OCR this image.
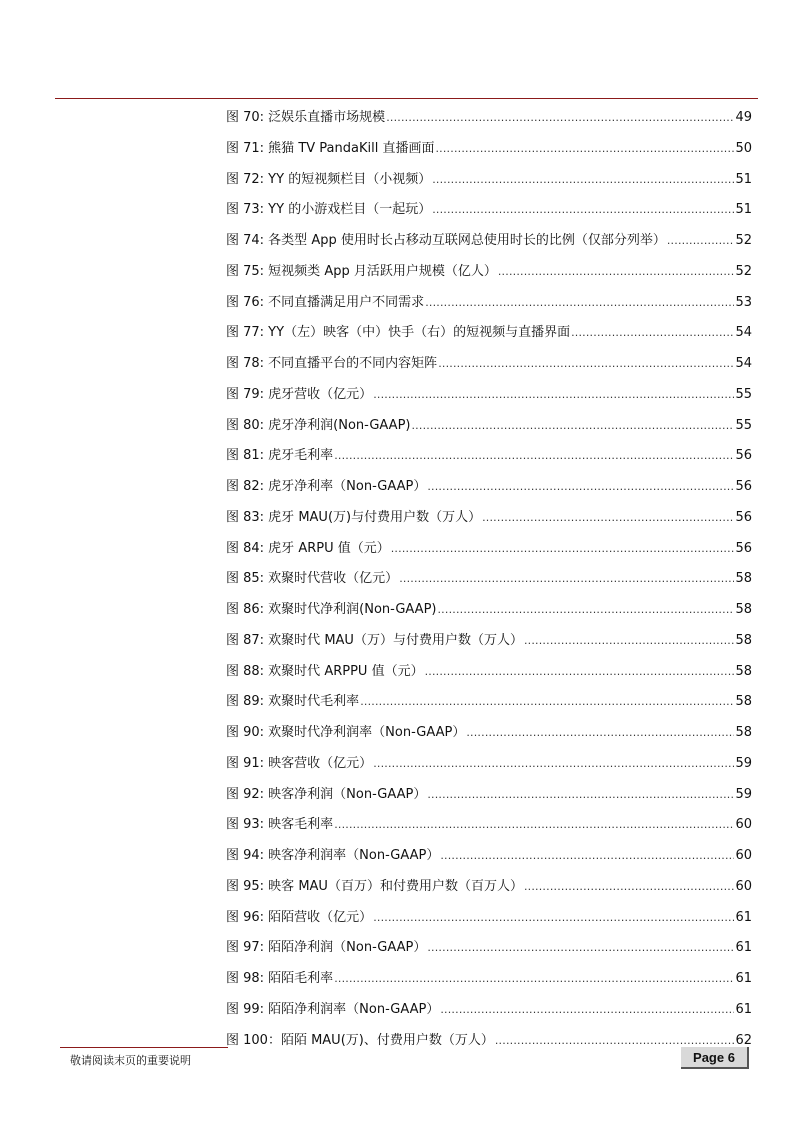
图 70: 泛娱乐直播市场规模 .....	49
图 71: 熊猫 TV PandaKill 直播画面 .....	50
图 72: YY 的短视频栏目（小视频） .....	51
图 73: YY 的小游戏栏目（一起玩） .....	51
图 74: 各类型 App 使用时长占移动互联网总使用时长的比例（仅部分列举） .....	52
图 75: 短视频类 App 月活跃用户规模（亿人） .....	52
图 76: 不同直播满足用户不同需求 .....	53
图 77: YY（左）映客（中）快手（右）的短视频与直播界面 .....	54
图 78: 不同直播平台的不同内容矩阵 .....	54
图 79: 虎牙营收（亿元） .....	55
图 80: 虎牙净利润(Non-GAAP) .....	55
图 81: 虎牙毛利率 .....	56
图 82: 虎牙净利率（Non-GAAP） .....	56
图 83: 虎牙 MAU(万)与付费用户数（万人） .....	56
图 84: 虎牙 ARPU 值（元） .....	56
图 85: 欢聚时代营收（亿元） .....	58
图 86: 欢聚时代净利润(Non-GAAP) .....	58
图 87: 欢聚时代 MAU（万）与付费用户数（万人） .....	58
图 88: 欢聚时代 ARPPU 值（元） .....	58
图 89: 欢聚时代毛利率 .....	58
图 90: 欢聚时代净利润率（Non-GAAP） .....	58
图 91: 映客营收（亿元） .....	59
图 92: 映客净利润（Non-GAAP） .....	59
图 93: 映客毛利率 .....	60
图 94: 映客净利润率（Non-GAAP） .....	60
图 95: 映客 MAU（百万）和付费用户数（百万人） .....	60
图 96: 陌陌营收（亿元） .....	61
图 97: 陌陌净利润（Non-GAAP） .....	61
图 98: 陌陌毛利率 .....	61
图 99: 陌陌净利润率（Non-GAAP） .....	61
图 100：陌陌 MAU(万)、付费用户数（万人） .....	62
敬请阅读末页的重要说明	Page 6
